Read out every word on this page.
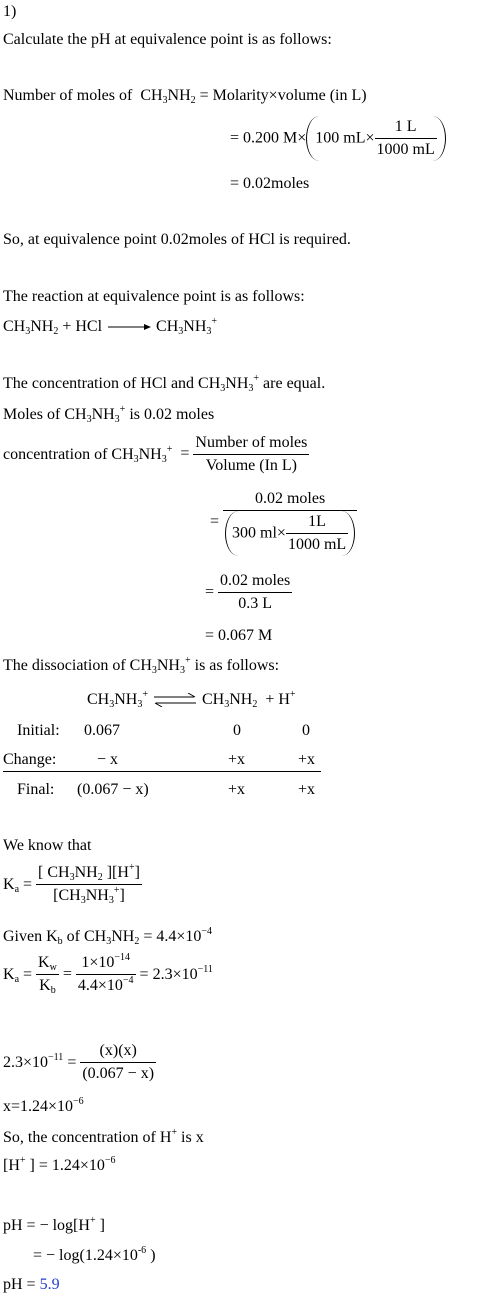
1)
Calculate the pH at equivalence point is as follows:
Number of moles of  $CH_3NH_2$ = Molarity×volume (in L)
= 0.200 M× 100 $mL\times \frac{1 L}{1000 mL}$
= 0.02moles
So, at equivalence point 0.02moles of HCl is required.
The reaction at equivalence point is as follows:
$CH_3NH_2$ + HCl	$CH_3NH_3^+$
The concentration of HCl and $CH_3NH_3^+$ are equal.
Moles of $CH_3NH_3^+$ is 0.02 moles
concentration of $CH_3NH_3^+ = \frac{\text{Number of moles}}{\text{Volume (In L)}}$
= $\frac{\text{0.02 moles}}{300 ml\times \frac{1L}{1000 mL}}$
= $\frac{\text{0.02 moles}}{0.3 L}$
= 0.067 M
The dissociation of $CH_3NH_3^+$ is as follows:
$CH_3NH_3^+$ ⇌ $CH_3NH_2 + H^+$
Initial: 0.067	0	0
Change:	− x	+x	+x
Final: (0.067 − x)	+x	+x
We know that
$K_a = \frac{[ CH_3NH_2 ][H^+]}{[CH_3NH_3^+]}$
Given $K_b$ of $CH_3NH_2 = 4.4\times 10^{-4}$
$K_a = \frac{K_w}{K_b} = \frac{1\times 10^{-14}}{4.4\times 10^{-4}} = 2.3\times 10^{-11}$
$2.3\times 10^{-11} = \frac{(x)(x)}{(0.067 - x)}$
$x=1.24\times 10^{-6}$
So, the concentration of H+ is x
[H+ ] = $1.24\times 10^{-6}$
pH = − log[H+ ]
= − $\log(1.24\times 10^{-6}$ )
pH = 5.9
